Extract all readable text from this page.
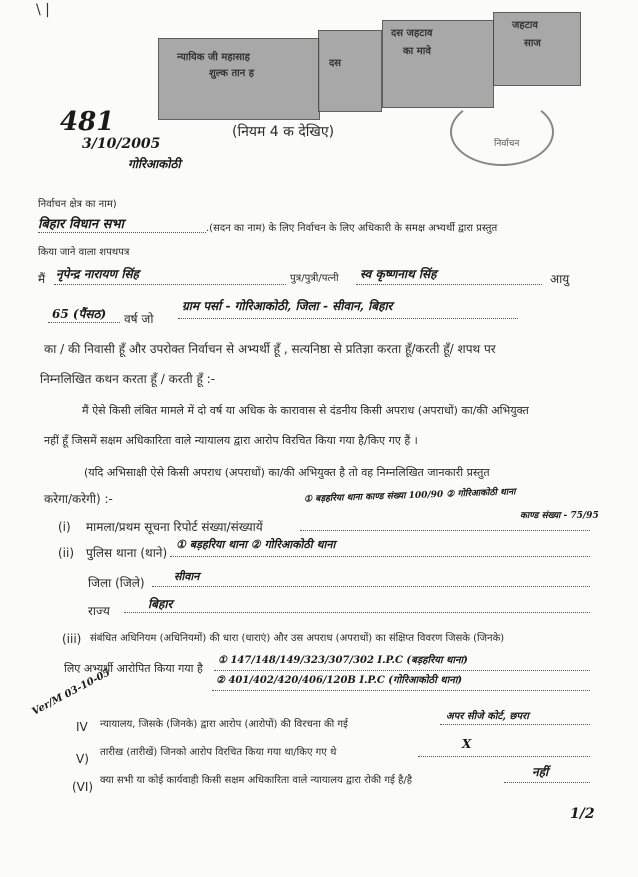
\ |
न्यायिक जी महासाह
शुल्क तान ह
दस
दस जहटाव
का मावे
जहटाव
साज
निर्वाचन
481
3/10/2005
गोरिआकोठी
(नियम 4 क देखिए)
निर्वाचन क्षेत्र का नाम)
बिहार विधान सभा	.(सदन का नाम) के लिए निर्वाचन के लिए अधिकारी के समक्ष अभ्यर्थी द्वारा प्रस्तुत
किया जाने वाला शपथपत्र
मैं नृपेन्द्र नारायण सिंह	पुत्र/पुत्री/पत्नी स्व कृष्णनाथ सिंह	आयु
65 (पैंसठ) वर्ष जो
ग्राम पर्सा - गोरिआकोठी, जिला - सीवान, बिहार
का / की निवासी हूँ और उपरोक्त निर्वाचन से अभ्यर्थी हूँ , सत्यनिष्ठा से प्रतिज्ञा करता हूँ/करती हूँ/ शपथ पर
निम्नलिखित कथन करता हूँ / करती हूँ :-
मैं ऐसे किसी लंबित मामले में दो वर्ष या अधिक के कारावास से दंडनीय किसी अपराध (अपराधों) का/की अभियुक्त
नहीं हूँ जिसमें सक्षम अधिकारिता वाले न्यायालय द्वारा आरोप विरचित किया गया है/किए गए हैं ।
(यदि अभिसाक्षी ऐसे किसी अपराध (अपराधों) का/की अभियुक्त है तो वह निम्नलिखित जानकारी प्रस्तुत
करेगा/करेगी) :-
(i) मामला/प्रथम सूचना रिपोर्ट संख्या/संख्यायें
① बड़हरिया थाना काण्ड संख्या 100/90 ② गोरिआकोठी थाना
काण्ड संख्या - 75/95
(ii) पुलिस थाना (थाने)
① बड़हरिया थाना ② गोरिआकोठी थाना
जिला (जिले)	सीवान
राज्य	बिहार
(iii) संबंधित अधिनियम (अधिनियमों) की धारा (धाराएं) और उस अपराध (अपराधों) का संक्षिप्त विवरण जिसके (जिनके)
लिए अभ्यर्थी आरोपित किया गया है
① 147/148/149/323/307/302 I.P.C (बड़हरिया थाना)
② 401/402/420/406/120B I.P.C (गोरिआकोठी थाना)
Ver/M 03-10-05
IV न्यायालय, जिसके (जिनके) द्वारा आरोप (आरोपों) की विरचना की गई
अपर सीजे कोर्ट, छपरा
V) तारीख (तारीखें) जिनको आरोप विरचित किया गया था/किए गए थे
X
(VI) क्या सभी या कोई कार्यवाही किसी सक्षम अधिकारिता वाले न्यायालय द्वारा रोकी गई है/है
नहीं
1/2
